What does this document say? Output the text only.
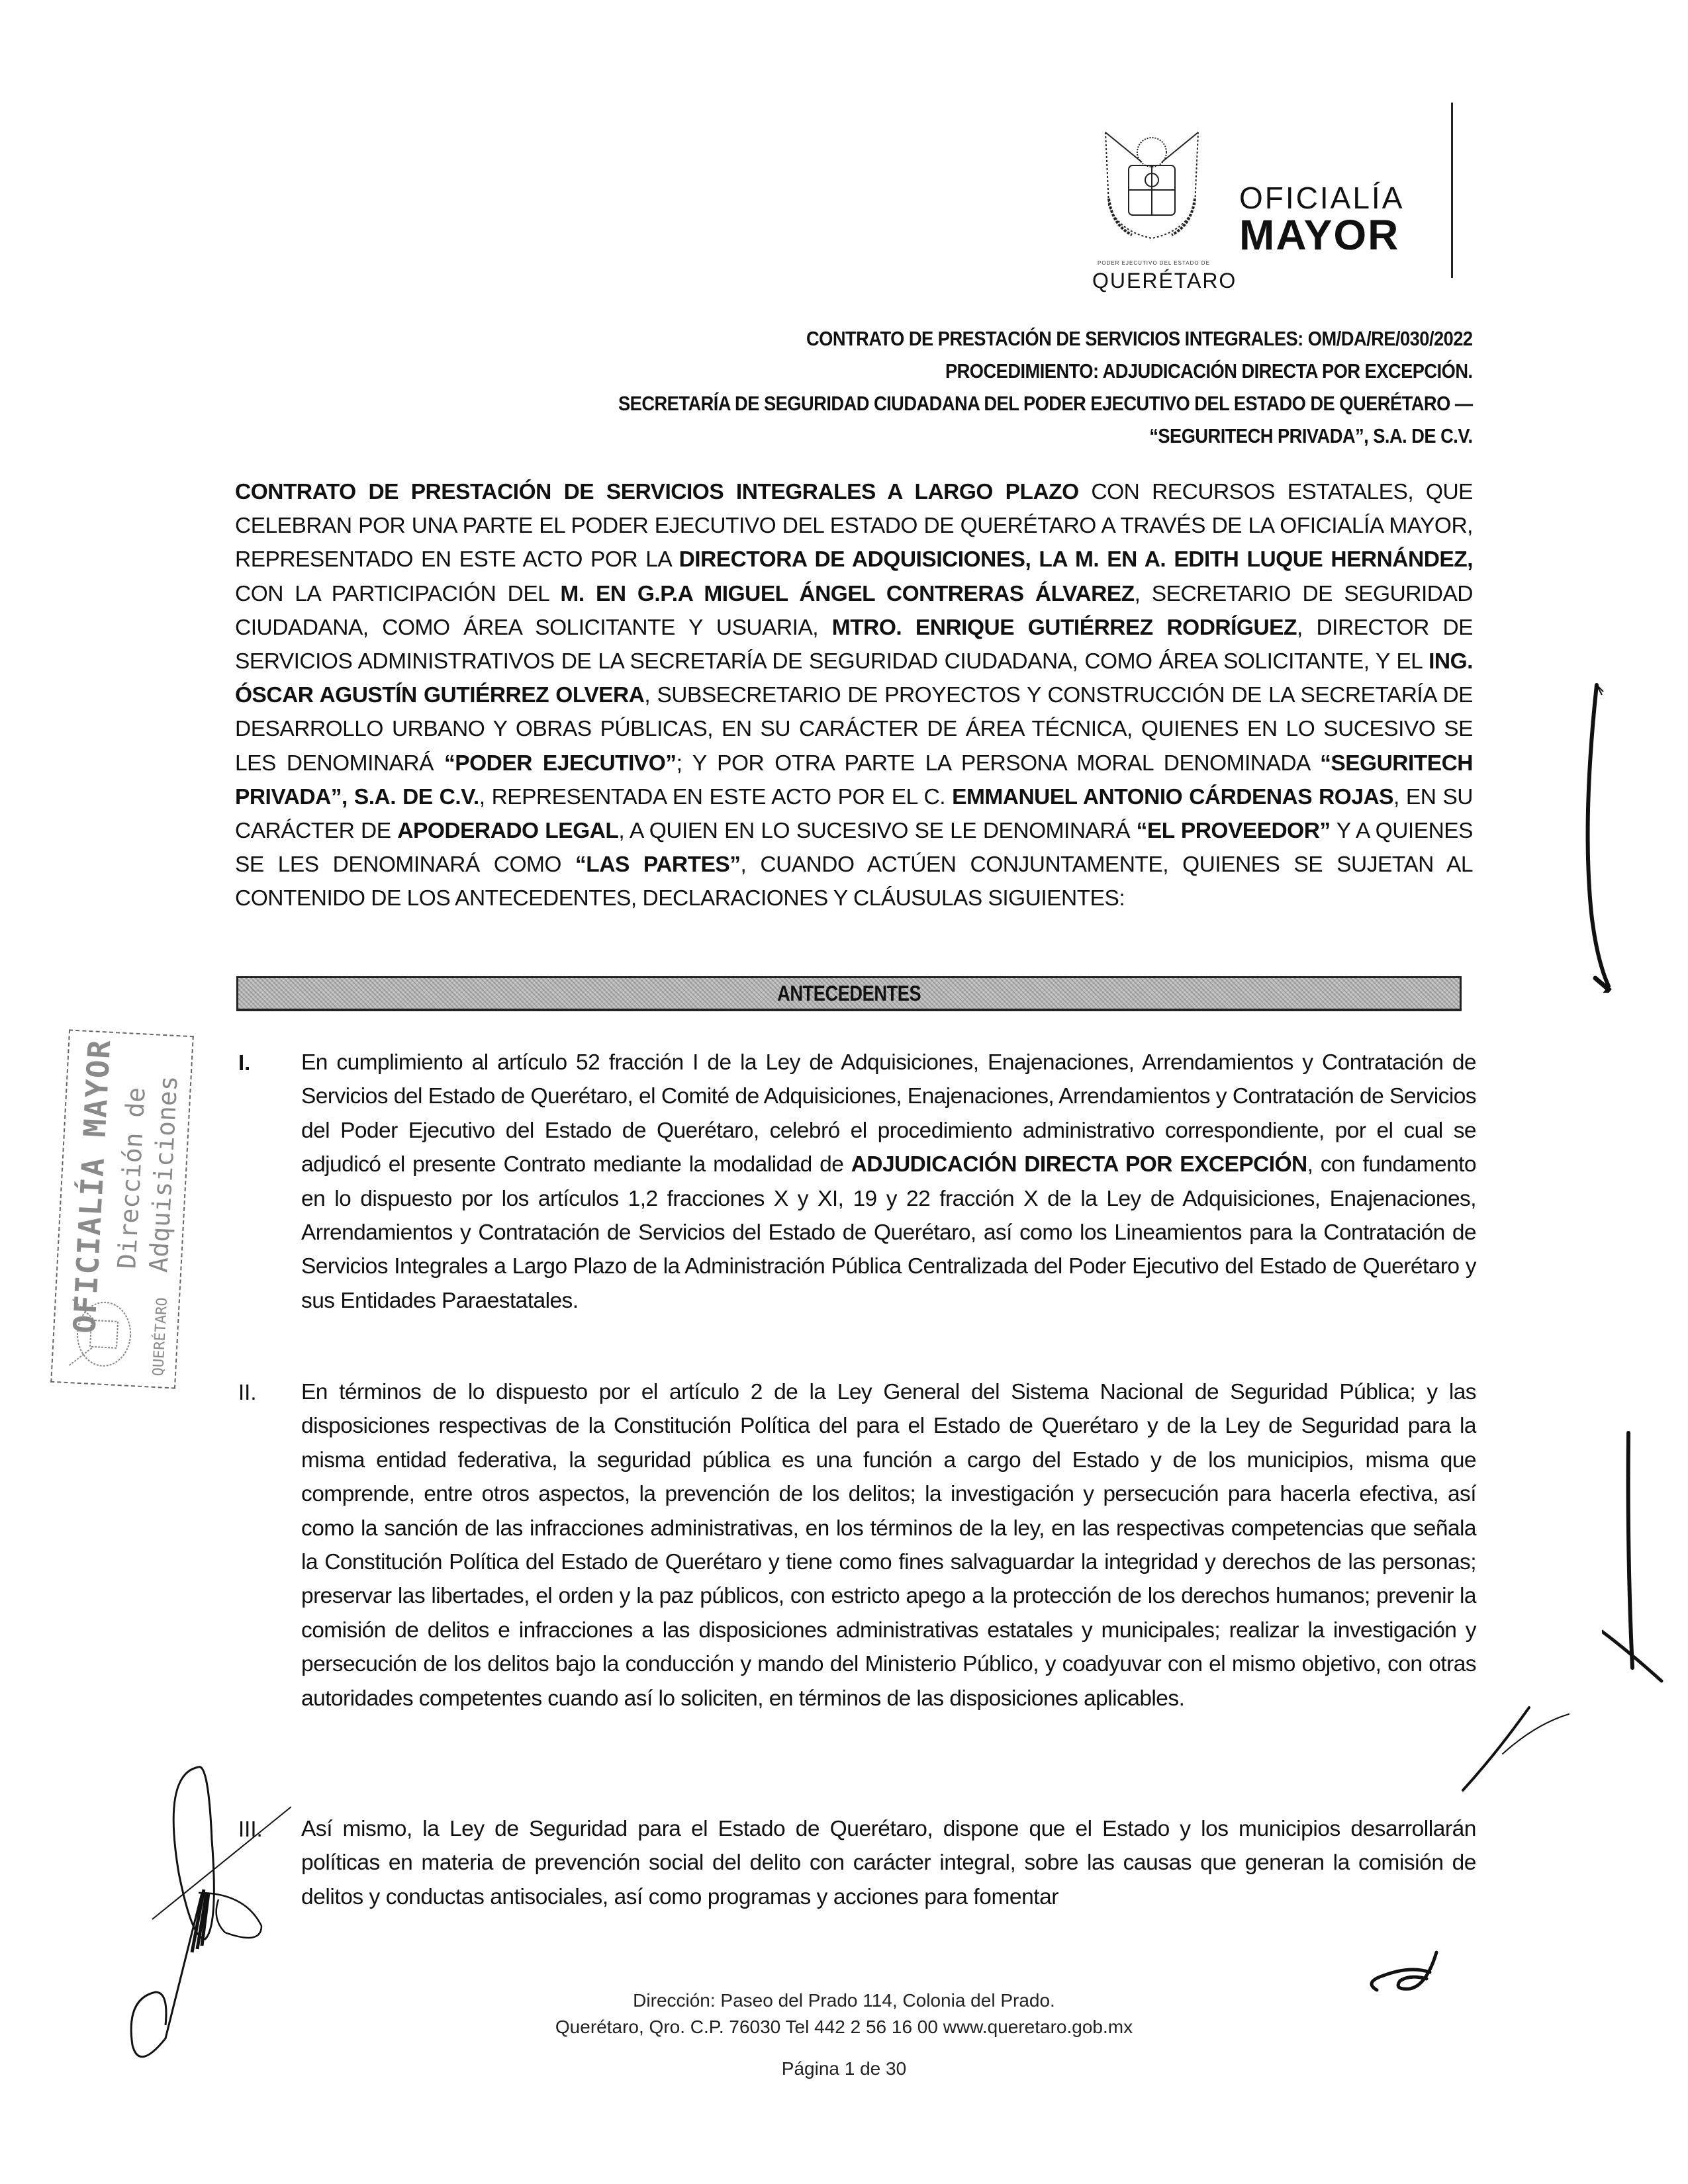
PODER EJECUTIVO DEL ESTADO DE
QUERÉTARO
OFICIALÍA
MAYOR
CONTRATO DE PRESTACIÓN DE SERVICIOS INTEGRALES: OM/DA/RE/030/2022
PROCEDIMIENTO: ADJUDICACIÓN DIRECTA POR EXCEPCIÓN.
SECRETARÍA DE SEGURIDAD CIUDADANA DEL PODER EJECUTIVO DEL ESTADO DE QUERÉTARO —
“SEGURITECH PRIVADA”, S.A. DE C.V.
CONTRATO DE PRESTACIÓN DE SERVICIOS INTEGRALES A LARGO PLAZO CON RECURSOS ESTATALES, QUE CELEBRAN POR UNA PARTE EL PODER EJECUTIVO DEL ESTADO DE QUERÉTARO A TRAVÉS DE LA OFICIALÍA MAYOR, REPRESENTADO EN ESTE ACTO POR LA DIRECTORA DE ADQUISICIONES, LA M. EN A. EDITH LUQUE HERNÁNDEZ, CON LA PARTICIPACIÓN DEL M. EN G.P.A MIGUEL ÁNGEL CONTRERAS ÁLVAREZ, SECRETARIO DE SEGURIDAD CIUDADANA, COMO ÁREA SOLICITANTE Y USUARIA, MTRO. ENRIQUE GUTIÉRREZ RODRÍGUEZ, DIRECTOR DE SERVICIOS ADMINISTRATIVOS DE LA SECRETARÍA DE SEGURIDAD CIUDADANA, COMO ÁREA SOLICITANTE, Y EL ING. ÓSCAR AGUSTÍN GUTIÉRREZ OLVERA, SUBSECRETARIO DE PROYECTOS Y CONSTRUCCIÓN DE LA SECRETARÍA DE DESARROLLO URBANO Y OBRAS PÚBLICAS, EN SU CARÁCTER DE ÁREA TÉCNICA, QUIENES EN LO SUCESIVO SE LES DENOMINARÁ “PODER EJECUTIVO”; Y POR OTRA PARTE LA PERSONA MORAL DENOMINADA “SEGURITECH PRIVADA”, S.A. DE C.V., REPRESENTADA EN ESTE ACTO POR EL C. EMMANUEL ANTONIO CÁRDENAS ROJAS, EN SU CARÁCTER DE APODERADO LEGAL, A QUIEN EN LO SUCESIVO SE LE DENOMINARÁ “EL PROVEEDOR” Y A QUIENES SE LES DENOMINARÁ COMO “LAS PARTES”, CUANDO ACTÚEN CONJUNTAMENTE, QUIENES SE SUJETAN AL CONTENIDO DE LOS ANTECEDENTES, DECLARACIONES Y CLÁUSULAS SIGUIENTES:
ANTECEDENTES
I. En cumplimiento al artículo 52 fracción I de la Ley de Adquisiciones, Enajenaciones, Arrendamientos y Contratación de Servicios del Estado de Querétaro, el Comité de Adquisiciones, Enajenaciones, Arrendamientos y Contratación de Servicios del Poder Ejecutivo del Estado de Querétaro, celebró el procedimiento administrativo correspondiente, por el cual se adjudicó el presente Contrato mediante la modalidad de ADJUDICACIÓN DIRECTA POR EXCEPCIÓN, con fundamento en lo dispuesto por los artículos 1,2 fracciones X y XI, 19 y 22 fracción X de la Ley de Adquisiciones, Enajenaciones, Arrendamientos y Contratación de Servicios del Estado de Querétaro, así como los Lineamientos para la Contratación de Servicios Integrales a Largo Plazo de la Administración Pública Centralizada del Poder Ejecutivo del Estado de Querétaro y sus Entidades Paraestatales.
II. En términos de lo dispuesto por el artículo 2 de la Ley General del Sistema Nacional de Seguridad Pública; y las disposiciones respectivas de la Constitución Política del para el Estado de Querétaro y de la Ley de Seguridad para la misma entidad federativa, la seguridad pública es una función a cargo del Estado y de los municipios, misma que comprende, entre otros aspectos, la prevención de los delitos; la investigación y persecución para hacerla efectiva, así como la sanción de las infracciones administrativas, en los términos de la ley, en las respectivas competencias que señala la Constitución Política del Estado de Querétaro y tiene como fines salvaguardar la integridad y derechos de las personas; preservar las libertades, el orden y la paz públicos, con estricto apego a la protección de los derechos humanos; prevenir la comisión de delitos e infracciones a las disposiciones administrativas estatales y municipales; realizar la investigación y persecución de los delitos bajo la conducción y mando del Ministerio Público, y coadyuvar con el mismo objetivo, con otras autoridades competentes cuando así lo soliciten, en términos de las disposiciones aplicables.
III. Así mismo, la Ley de Seguridad para el Estado de Querétaro, dispone que el Estado y los municipios desarrollarán políticas en materia de prevención social del delito con carácter integral, sobre las causas que generan la comisión de delitos y conductas antisociales, así como programas y acciones para fomentar
OFICIALÍA MAYOR
Dirección de
Adquisiciones
QUERÉTARO
Dirección: Paseo del Prado 114, Colonia del Prado.
Querétaro, Qro. C.P. 76030 Tel 442 2 56 16 00 www.queretaro.gob.mx
Página 1 de 30
